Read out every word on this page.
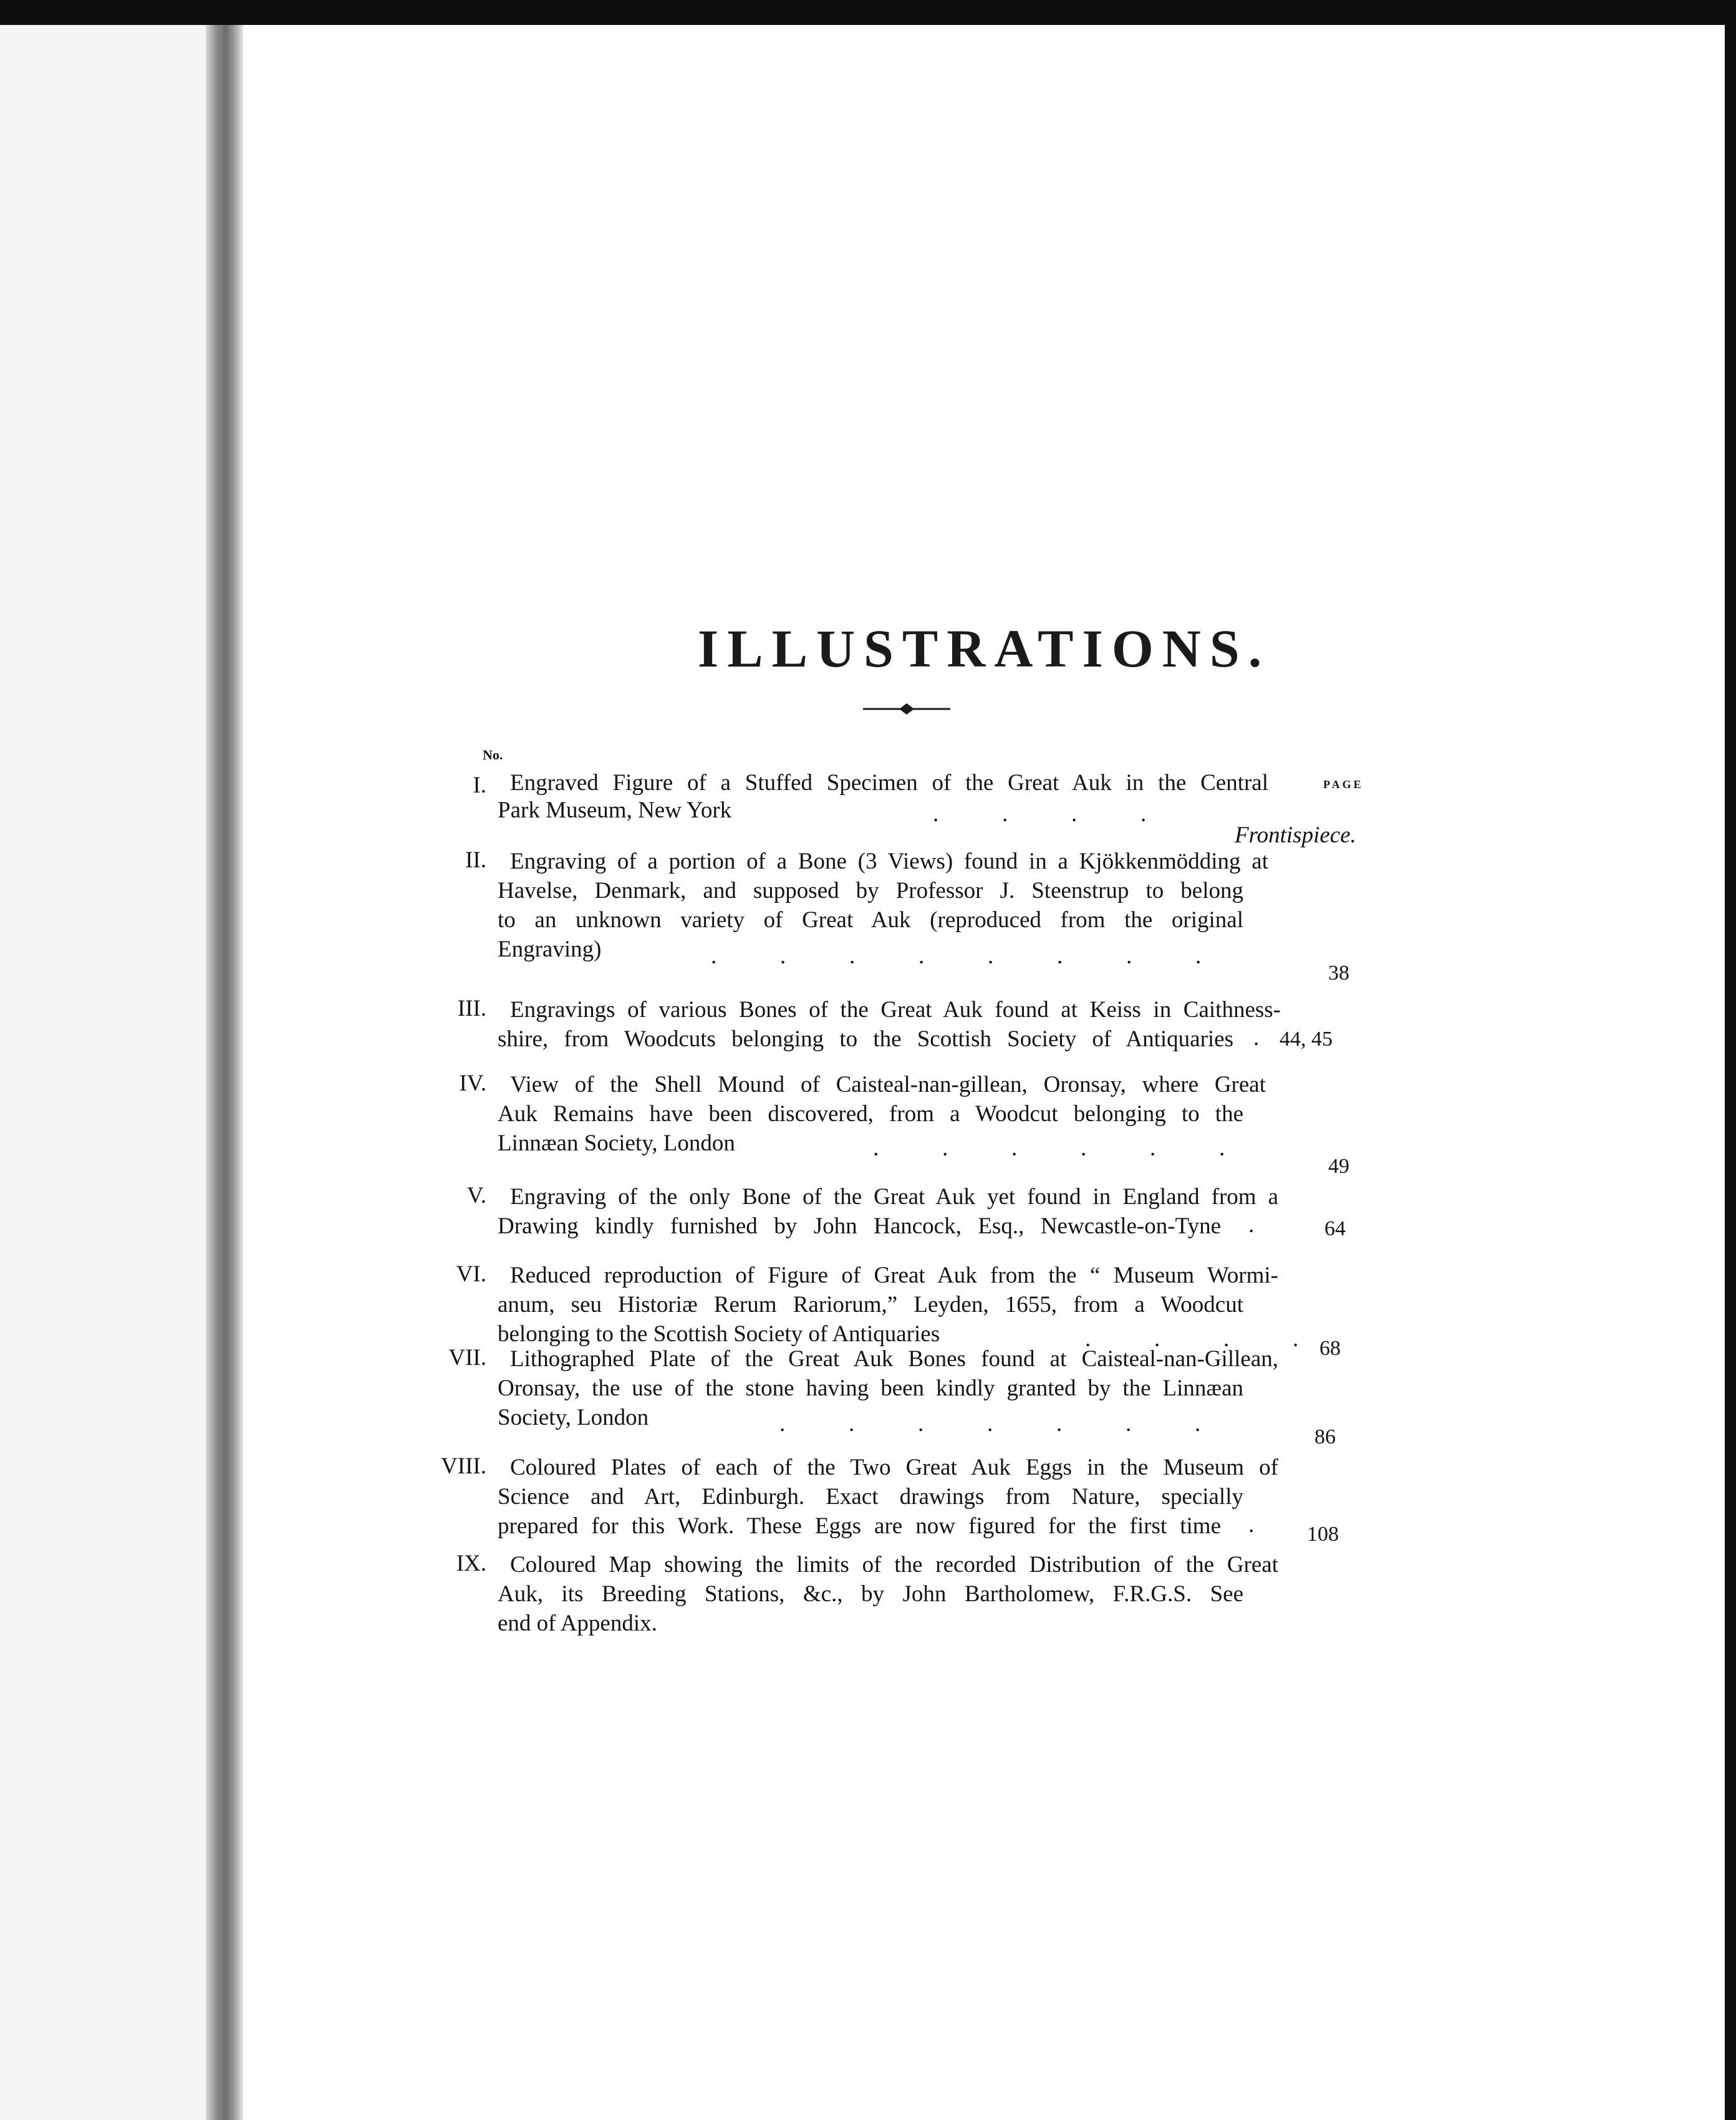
ILLUSTRATIONS.
No.
PAGE
I. Engraved Figure of a Stuffed Specimen of the Great Auk in the Central
Park Museum, New York	.           .           .           .
Frontispiece.
II. Engraving of a portion of a Bone (3 Views) found in a Kjökkenmödding at
Havelse, Denmark, and supposed by Professor J. Steenstrup to belong
to an unknown variety of Great Auk (reproduced from the original
Engraving)	.           .           .           .           .           .           .           .
38
III. Engravings of various Bones of the Great Auk found at Keiss in Caithness-
shire, from Woodcuts belonging to the Scottish Society of Antiquaries . 44, 45
IV. View of the Shell Mound of Caisteal-nan-gillean, Oronsay, where Great
Auk Remains have been discovered, from a Woodcut belonging to the
Linnæan Society, London	.           .           .           .           .           .
49
V. Engraving of the only Bone of the Great Auk yet found in England from a
Drawing kindly furnished by John Hancock, Esq., Newcastle-on-Tyne .	64
VI. Reduced reproduction of Figure of Great Auk from the “ Museum Wormi-
anum, seu Historiæ Rerum Rariorum,” Leyden, 1655, from a Woodcut
belonging to the Scottish Society of Antiquaries	.           .           .           . 68
VII. Lithographed Plate of the Great Auk Bones found at Caisteal-nan-Gillean,
Oronsay, the use of the stone having been kindly granted by the Linnæan
Society, London	.           .           .           .           .           .           .
86
VIII. Coloured Plates of each of the Two Great Auk Eggs in the Museum of
Science and Art, Edinburgh. Exact drawings from Nature, specially
prepared for this Work. These Eggs are now figured for the first time .	108
IX. Coloured Map showing the limits of the recorded Distribution of the Great
Auk, its Breeding Stations, &c., by John Bartholomew, F.R.G.S. See
end of Appendix.
